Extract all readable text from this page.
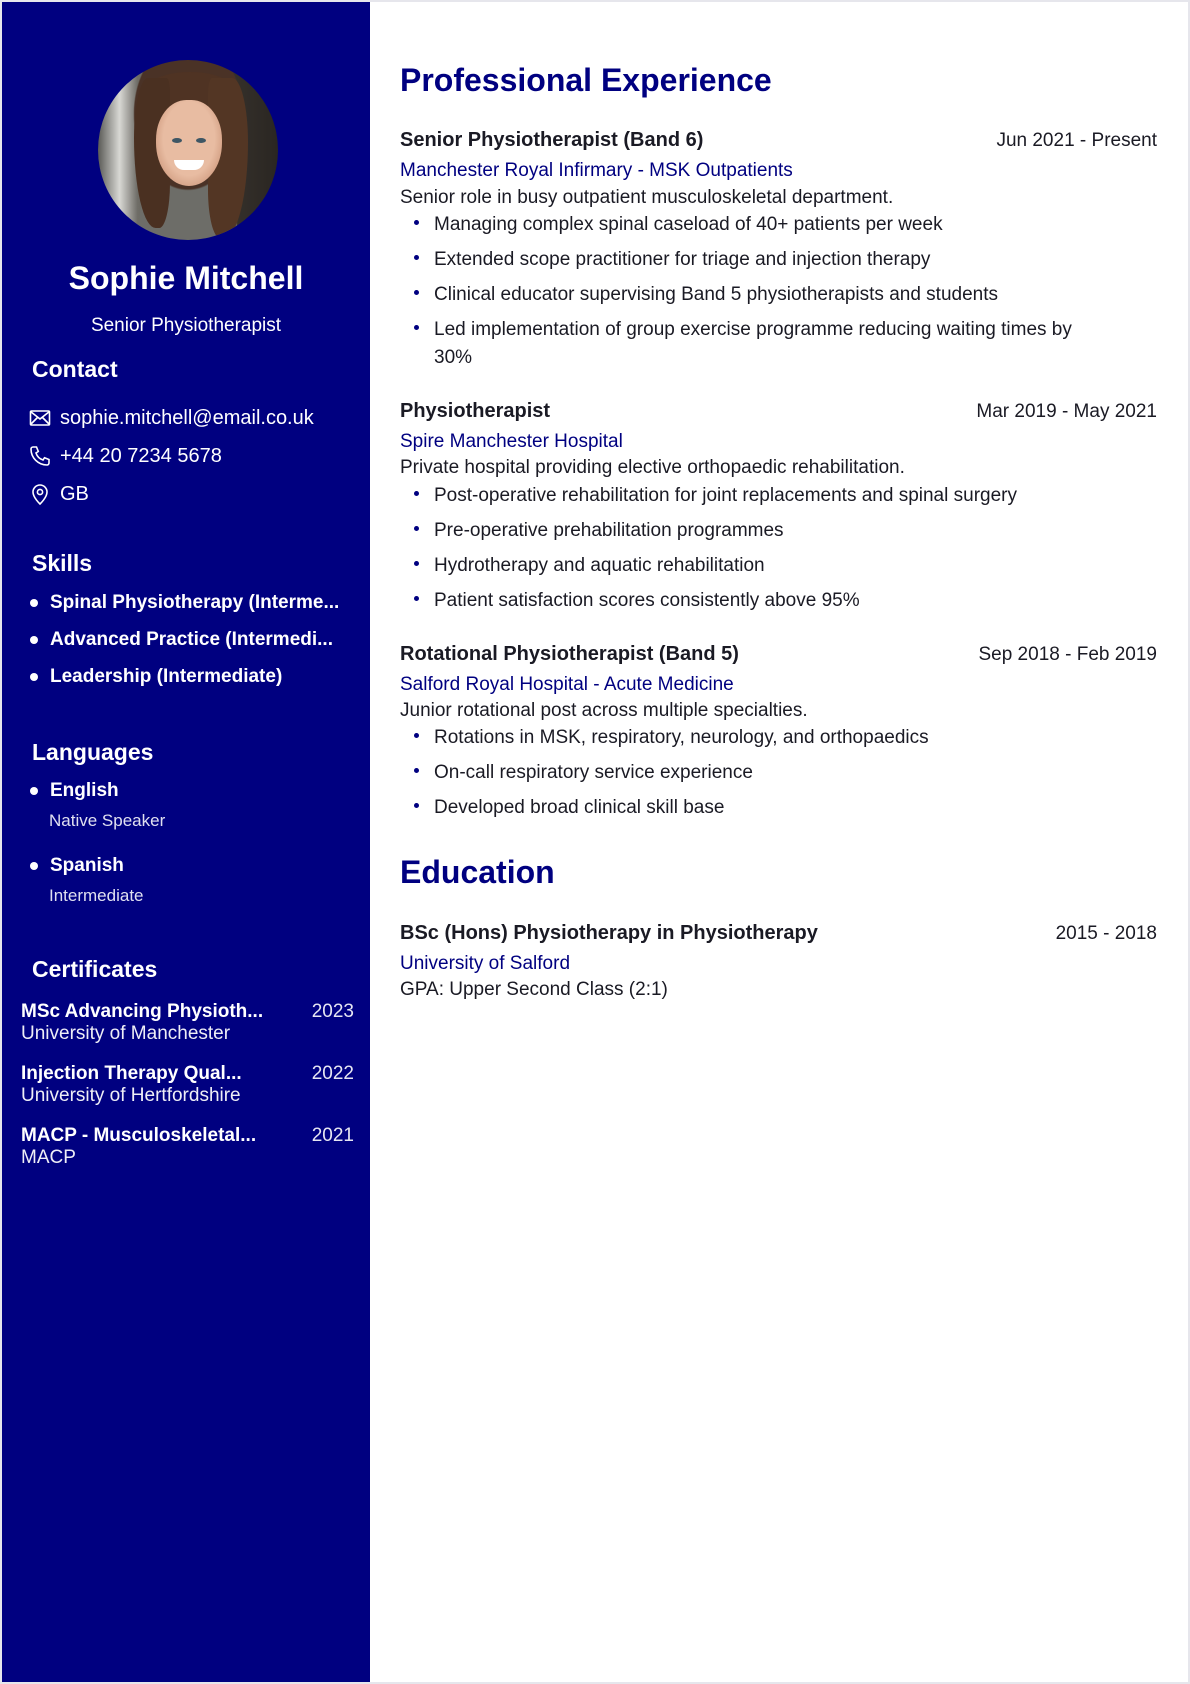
Sophie Mitchell
Senior Physiotherapist
Contact
sophie.mitchell@email.co.uk
+44 20 7234 5678
GB
Skills
Spinal Physiotherapy (Interme...
Advanced Practice (Intermedi...
Leadership (Intermediate)
Languages
English
Native Speaker
Spanish
Intermediate
Certificates
MSc Advancing Physioth...	2023
University of Manchester
Injection Therapy Qual...	2022
University of Hertfordshire
MACP - Musculoskeletal...	2021
MACP
Professional Experience
Senior Physiotherapist (Band 6)	Jun 2021 - Present
Manchester Royal Infirmary - MSK Outpatients
Senior role in busy outpatient musculoskeletal department.
Managing complex spinal caseload of 40+ patients per week
Extended scope practitioner for triage and injection therapy
Clinical educator supervising Band 5 physiotherapists and students
Led implementation of group exercise programme reducing waiting times by 30%
Physiotherapist	Mar 2019 - May 2021
Spire Manchester Hospital
Private hospital providing elective orthopaedic rehabilitation.
Post-operative rehabilitation for joint replacements and spinal surgery
Pre-operative prehabilitation programmes
Hydrotherapy and aquatic rehabilitation
Patient satisfaction scores consistently above 95%
Rotational Physiotherapist (Band 5)	Sep 2018 - Feb 2019
Salford Royal Hospital - Acute Medicine
Junior rotational post across multiple specialties.
Rotations in MSK, respiratory, neurology, and orthopaedics
On-call respiratory service experience
Developed broad clinical skill base
Education
BSc (Hons) Physiotherapy in Physiotherapy	2015 - 2018
University of Salford
GPA: Upper Second Class (2:1)
